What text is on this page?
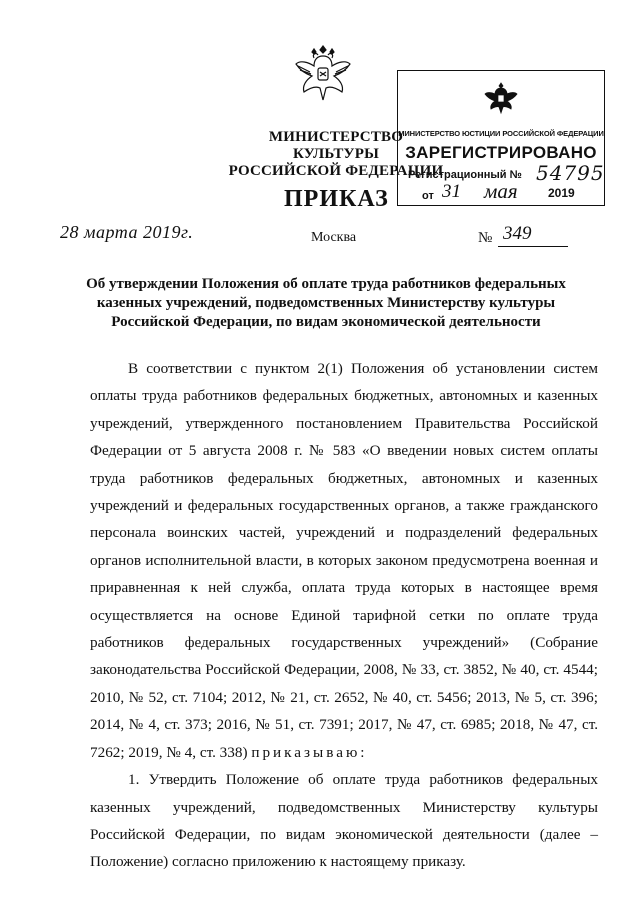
МИНИСТЕРСТВО КУЛЬТУРЫ
РОССИЙСКОЙ ФЕДЕРАЦИИ
МИНИСТЕРСТВО ЮСТИЦИИ РОССИЙСКОЙ ФЕДЕРАЦИИ
ЗАРЕГИСТРИРОВАНО
Регистрационный № 54795
от 31 мая	2019
ПРИКАЗ
28 марта 2019г.	Москва	№ 349
Об утверждении Положения об оплате труда работников федеральных
казенных учреждений, подведомственных Министерству культуры
Российской Федерации, по видам экономической деятельности

В соответствии с пунктом 2(1) Положения об установлении систем оплаты труда работников федеральных бюджетных, автономных и казенных учреждений, утвержденного постановлением Правительства Российской Федерации от 5 августа 2008 г. № 583 «О введении новых систем оплаты труда работников федеральных бюджетных, автономных и казенных учреждений и федеральных государственных органов, а также гражданского персонала воинских частей, учреждений и подразделений федеральных органов исполнительной власти, в которых законом предусмотрена военная и приравненная к ней служба, оплата труда которых в настоящее время осуществляется на основе Единой тарифной сетки по оплате труда работников федеральных государственных учреждений» (Собрание законодательства Российской Федерации, 2008, № 33, ст. 3852, № 40, ст. 4544; 2010, № 52, ст. 7104; 2012, № 21, ст. 2652, № 40, ст. 5456; 2013, № 5, ст. 396; 2014, № 4, ст. 373; 2016, № 51, ст. 7391; 2017, № 47, ст. 6985; 2018, № 47, ст. 7262; 2019, № 4, ст. 338) приказываю:

1. Утвердить Положение об оплате труда работников федеральных казенных учреждений, подведомственных Министерству культуры Российской Федерации, по видам экономической деятельности (далее – Положение) согласно приложению к настоящему приказу.
